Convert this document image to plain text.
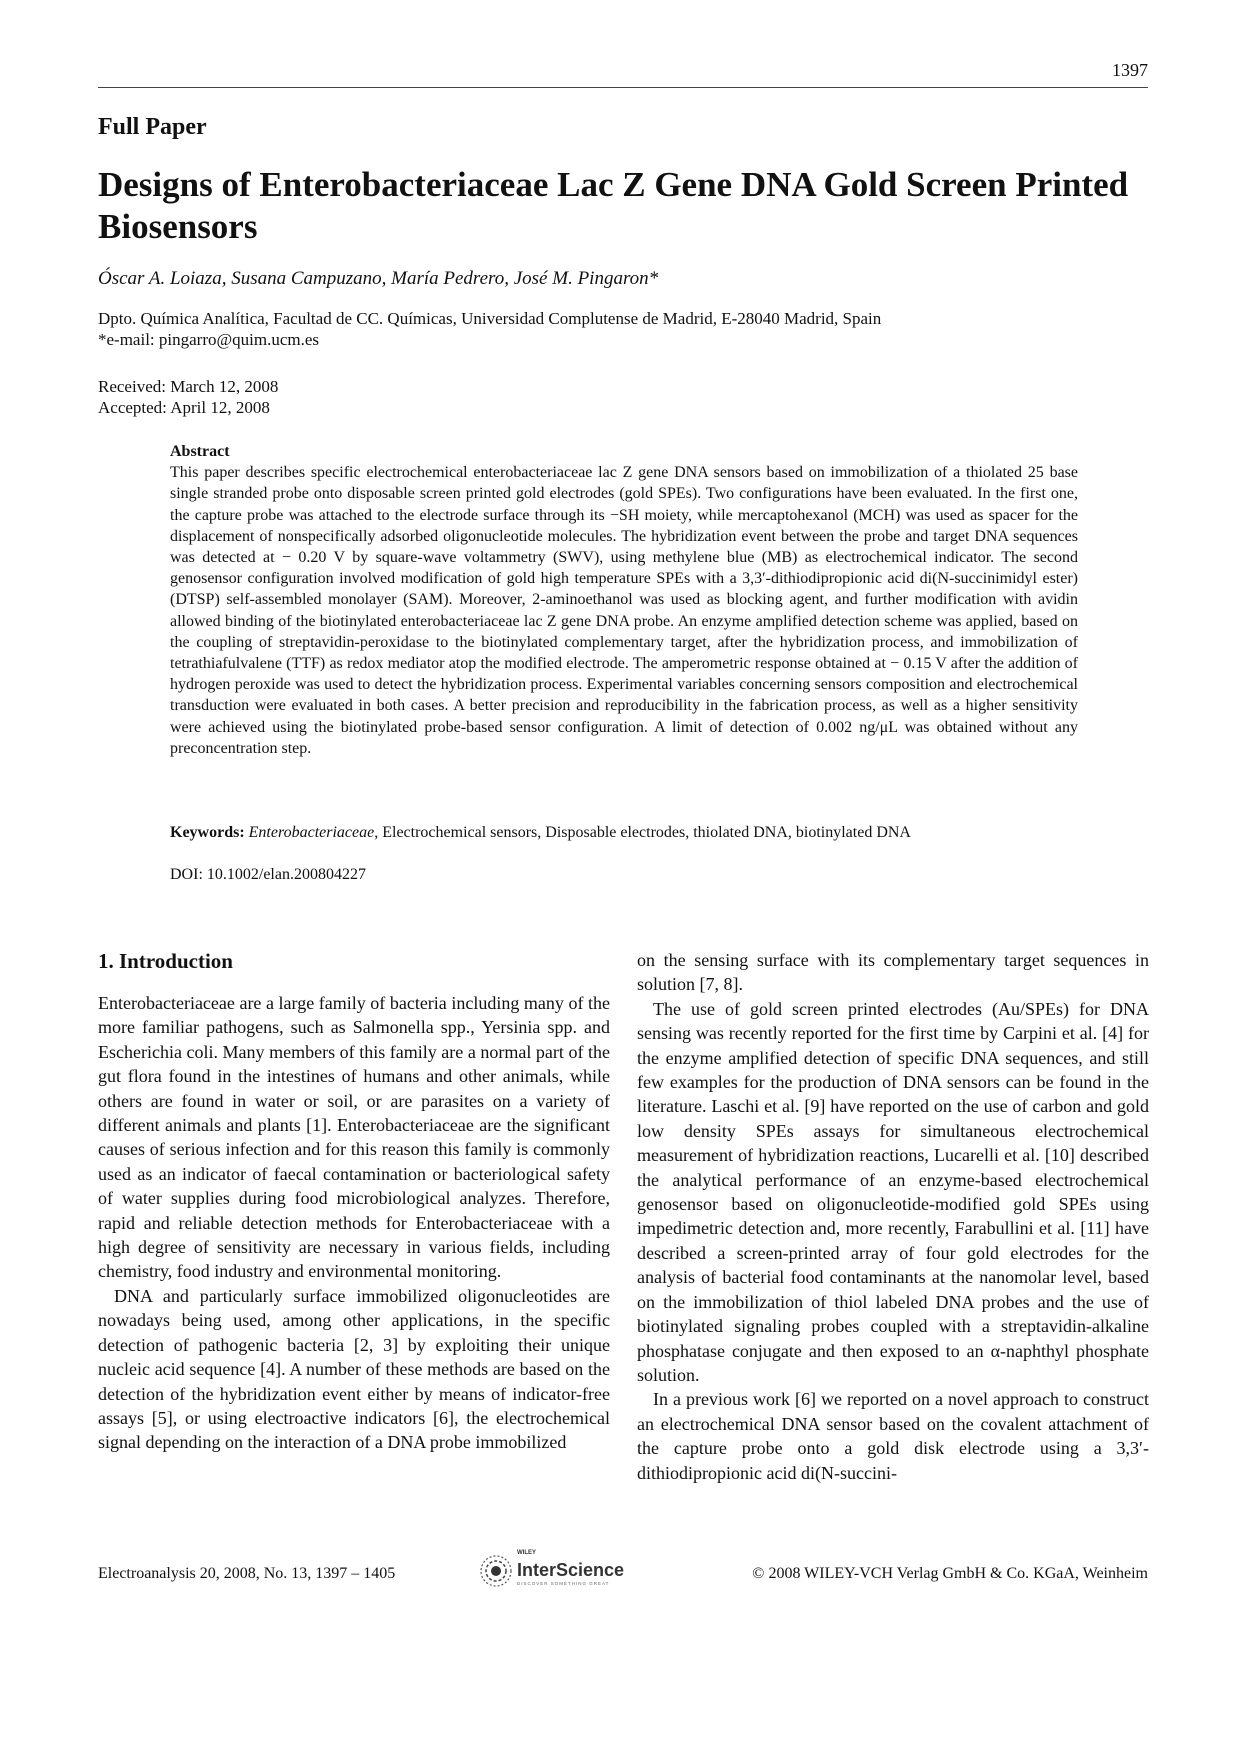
1397
Full Paper
Designs of Enterobacteriaceae Lac Z Gene DNA Gold Screen Printed Biosensors
Óscar A. Loiaza, Susana Campuzano, María Pedrero, José M. Pingaron*
Dpto. Química Analítica, Facultad de CC. Químicas, Universidad Complutense de Madrid, E-28040 Madrid, Spain
*e-mail: pingarro@quim.ucm.es
Received: March 12, 2008
Accepted: April 12, 2008
Abstract
This paper describes specific electrochemical enterobacteriaceae lac Z gene DNA sensors based on immobilization of a thiolated 25 base single stranded probe onto disposable screen printed gold electrodes (gold SPEs). Two configurations have been evaluated. In the first one, the capture probe was attached to the electrode surface through its −SH moiety, while mercaptohexanol (MCH) was used as spacer for the displacement of nonspecifically adsorbed oligonucleotide molecules. The hybridization event between the probe and target DNA sequences was detected at − 0.20 V by square-wave voltammetry (SWV), using methylene blue (MB) as electrochemical indicator. The second genosensor configuration involved modification of gold high temperature SPEs with a 3,3′-dithiodipropionic acid di(N-succinimidyl ester) (DTSP) self-assembled monolayer (SAM). Moreover, 2-aminoethanol was used as blocking agent, and further modification with avidin allowed binding of the biotinylated enterobacteriaceae lac Z gene DNA probe. An enzyme amplified detection scheme was applied, based on the coupling of streptavidin-peroxidase to the biotinylated complementary target, after the hybridization process, and immobilization of tetrathiafulvalene (TTF) as redox mediator atop the modified electrode. The amperometric response obtained at − 0.15 V after the addition of hydrogen peroxide was used to detect the hybridization process. Experimental variables concerning sensors composition and electrochemical transduction were evaluated in both cases. A better precision and reproducibility in the fabrication process, as well as a higher sensitivity were achieved using the biotinylated probe-based sensor configuration. A limit of detection of 0.002 ng/μL was obtained without any preconcentration step.
Keywords: Enterobacteriaceae, Electrochemical sensors, Disposable electrodes, thiolated DNA, biotinylated DNA
DOI: 10.1002/elan.200804227
1. Introduction

Enterobacteriaceae are a large family of bacteria including many of the more familiar pathogens, such as Salmonella spp., Yersinia spp. and Escherichia coli. Many members of this family are a normal part of the gut flora found in the intestines of humans and other animals, while others are found in water or soil, or are parasites on a variety of different animals and plants [1]. Enterobacteriaceae are the significant causes of serious infection and for this reason this family is commonly used as an indicator of faecal contamination or bacteriological safety of water supplies during food microbiological analyzes. Therefore, rapid and reliable detection methods for Enterobacteriaceae with a high degree of sensitivity are necessary in various fields, including chemistry, food industry and environmental monitoring.

DNA and particularly surface immobilized oligonucleotides are nowadays being used, among other applications, in the specific detection of pathogenic bacteria [2, 3] by exploiting their unique nucleic acid sequence [4]. A number of these methods are based on the detection of the hybridization event either by means of indicator-free assays [5], or using electroactive indicators [6], the electrochemical signal depending on the interaction of a DNA probe immobilized

on the sensing surface with its complementary target sequences in solution [7, 8].

The use of gold screen printed electrodes (Au/SPEs) for DNA sensing was recently reported for the first time by Carpini et al. [4] for the enzyme amplified detection of specific DNA sequences, and still few examples for the production of DNA sensors can be found in the literature. Laschi et al. [9] have reported on the use of carbon and gold low density SPEs assays for simultaneous electrochemical measurement of hybridization reactions, Lucarelli et al. [10] described the analytical performance of an enzyme-based electrochemical genosensor based on oligonucleotide-modified gold SPEs using impedimetric detection and, more recently, Farabullini et al. [11] have described a screen-printed array of four gold electrodes for the analysis of bacterial food contaminants at the nanomolar level, based on the immobilization of thiol labeled DNA probes and the use of biotinylated signaling probes coupled with a streptavidin-alkaline phosphatase conjugate and then exposed to an α-naphthyl phosphate solution.

In a previous work [6] we reported on a novel approach to construct an electrochemical DNA sensor based on the covalent attachment of the capture probe onto a gold disk electrode using a 3,3′-dithiodipropionic acid di(N-succini-

Electroanalysis 20, 2008, No. 13, 1397 – 1405
WILEY
InterScience
DISCOVER SOMETHING GREAT
© 2008 WILEY-VCH Verlag GmbH & Co. KGaA, Weinheim
